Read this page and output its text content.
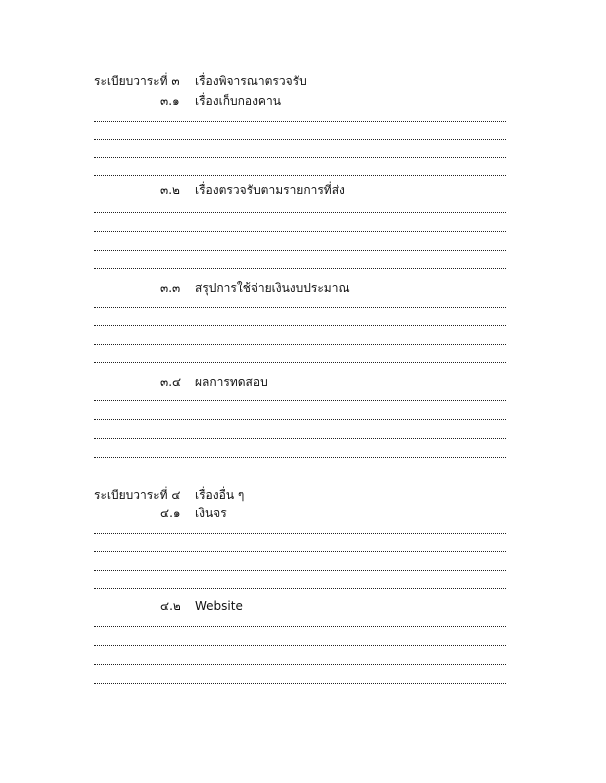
ระเบียบวาระที่ ๓ เรื่องพิจารณาตรวจรับ
๓.๑ เรื่องเก็บกองคาน
๓.๒ เรื่องตรวจรับตามรายการที่ส่ง
๓.๓ สรุปการใช้จ่ายเงินงบประมาณ
๓.๔ ผลการทดสอบ
ระเบียบวาระที่ ๔ เรื่องอื่น ๆ
๔.๑ เงินจร
๔.๒ Website
